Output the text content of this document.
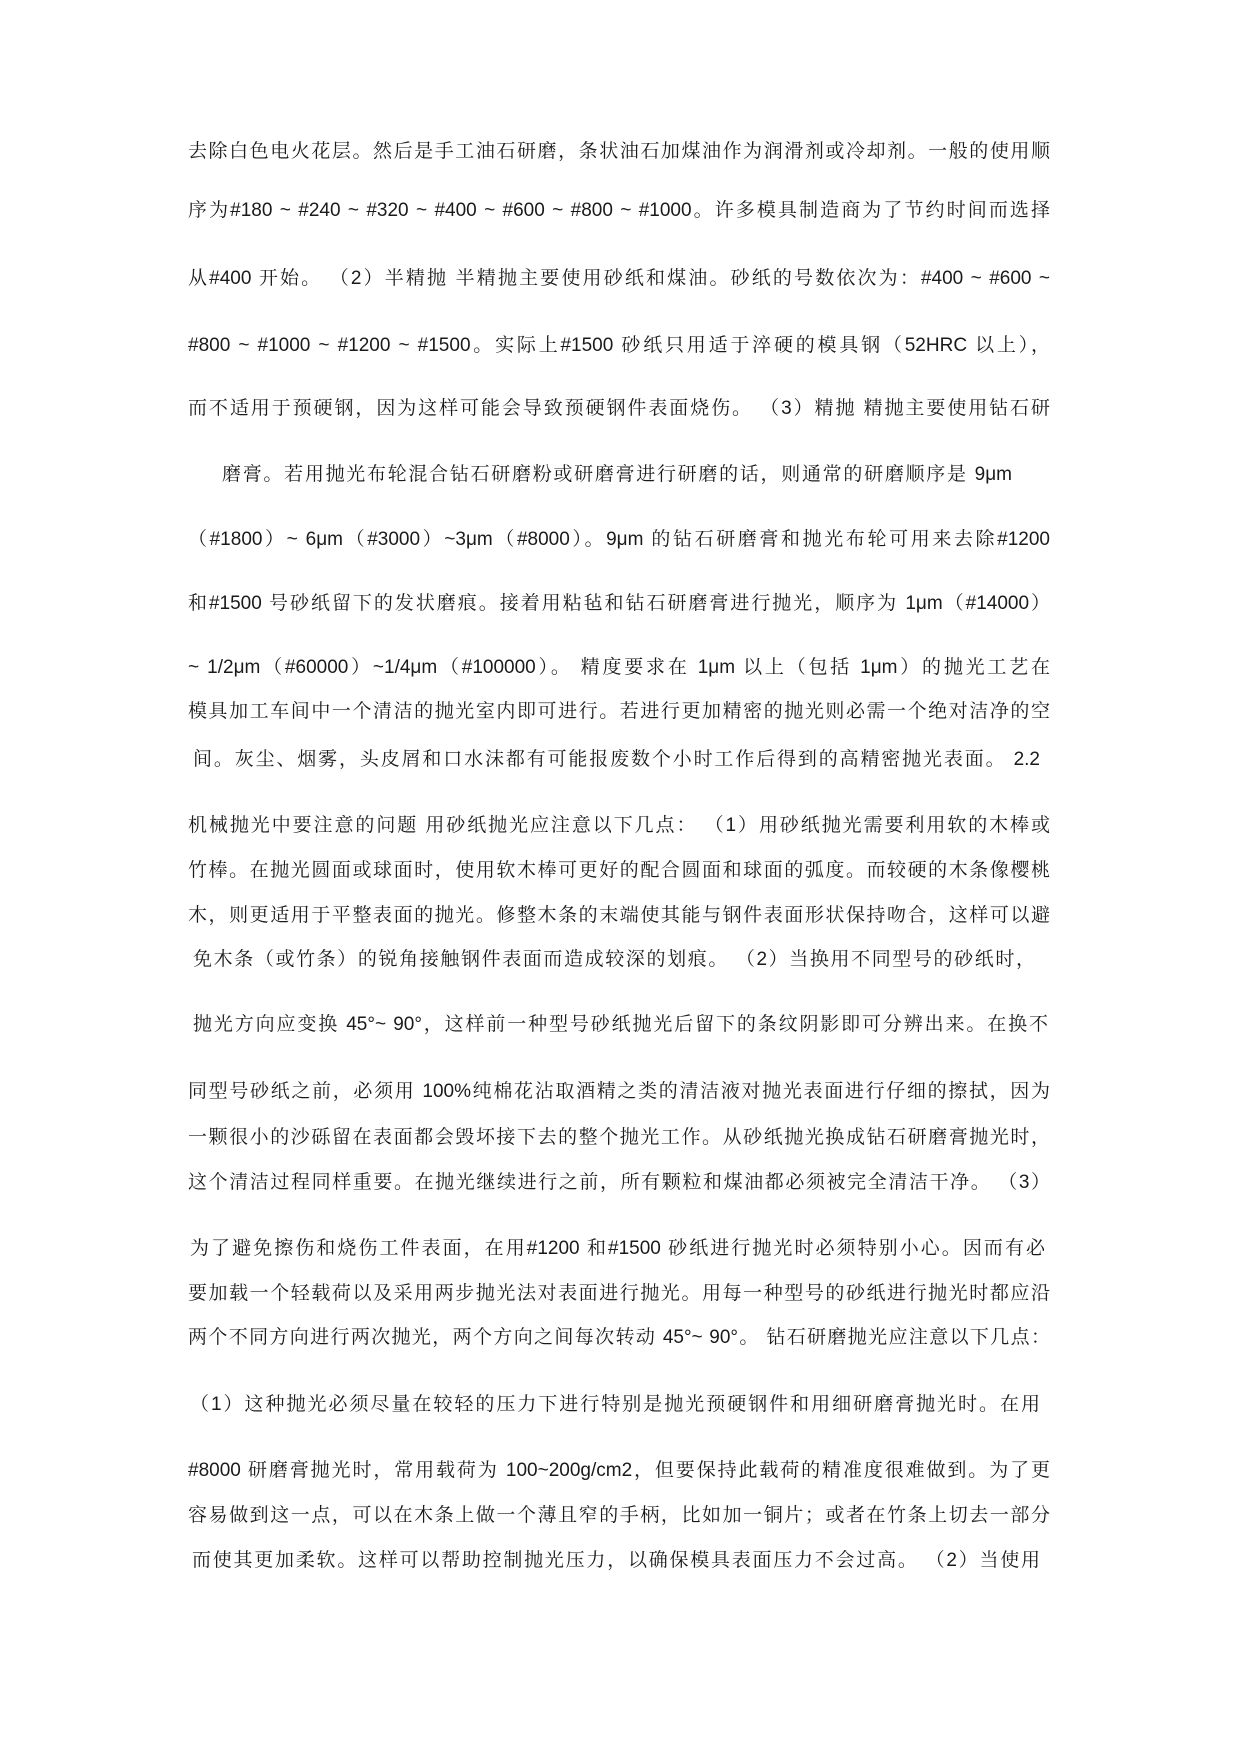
去除白色电火花层。然后是手工油石研磨，条状油石加煤油作为润滑剂或冷却剂。一般的使用顺
序为#180 ~ #240 ~ #320 ~ #400 ~ #600 ~ #800 ~ #1000。许多模具制造商为了节约时间而选择
从#400 开始。 （2）半精抛 半精抛主要使用砂纸和煤油。砂纸的号数依次为：#400 ~ #600 ~
#800 ~ #1000 ~ #1200 ~ #1500。实际上#1500 砂纸只用适于淬硬的模具钢（52HRC 以上），
而不适用于预硬钢，因为这样可能会导致预硬钢件表面烧伤。 （3）精抛 精抛主要使用钻石研
磨膏。若用抛光布轮混合钻石研磨粉或研磨膏进行研磨的话，则通常的研磨顺序是 9μm
（#1800）~ 6μm（#3000）~3μm（#8000）。9μm 的钻石研磨膏和抛光布轮可用来去除#1200
和#1500 号砂纸留下的发状磨痕。接着用粘毡和钻石研磨膏进行抛光，顺序为 1μm（#14000）
~ 1/2μm（#60000）~1/4μm（#100000）。 精度要求在 1μm 以上（包括 1μm）的抛光工艺在
模具加工车间中一个清洁的抛光室内即可进行。若进行更加精密的抛光则必需一个绝对洁净的空
间。灰尘、烟雾，头皮屑和口水沫都有可能报废数个小时工作后得到的高精密抛光表面。 2.2
机械抛光中要注意的问题 用砂纸抛光应注意以下几点： （1）用砂纸抛光需要利用软的木棒或
竹棒。在抛光圆面或球面时，使用软木棒可更好的配合圆面和球面的弧度。而较硬的木条像樱桃
木，则更适用于平整表面的抛光。修整木条的末端使其能与钢件表面形状保持吻合，这样可以避
免木条（或竹条）的锐角接触钢件表面而造成较深的划痕。 （2）当换用不同型号的砂纸时，
抛光方向应变换 45°~ 90°，这样前一种型号砂纸抛光后留下的条纹阴影即可分辨出来。在换不
同型号砂纸之前，必须用 100%纯棉花沾取酒精之类的清洁液对抛光表面进行仔细的擦拭，因为
一颗很小的沙砾留在表面都会毁坏接下去的整个抛光工作。从砂纸抛光换成钻石研磨膏抛光时，
这个清洁过程同样重要。在抛光继续进行之前，所有颗粒和煤油都必须被完全清洁干净。 （3）
为了避免擦伤和烧伤工件表面，在用#1200 和#1500 砂纸进行抛光时必须特别小心。因而有必
要加载一个轻载荷以及采用两步抛光法对表面进行抛光。用每一种型号的砂纸进行抛光时都应沿
两个不同方向进行两次抛光，两个方向之间每次转动 45°~ 90°。 钻石研磨抛光应注意以下几点：
（1）这种抛光必须尽量在较轻的压力下进行特别是抛光预硬钢件和用细研磨膏抛光时。在用
#8000 研磨膏抛光时，常用载荷为 100~200g/cm2，但要保持此载荷的精准度很难做到。为了更
容易做到这一点，可以在木条上做一个薄且窄的手柄，比如加一铜片；或者在竹条上切去一部分
而使其更加柔软。这样可以帮助控制抛光压力，以确保模具表面压力不会过高。 （2）当使用
